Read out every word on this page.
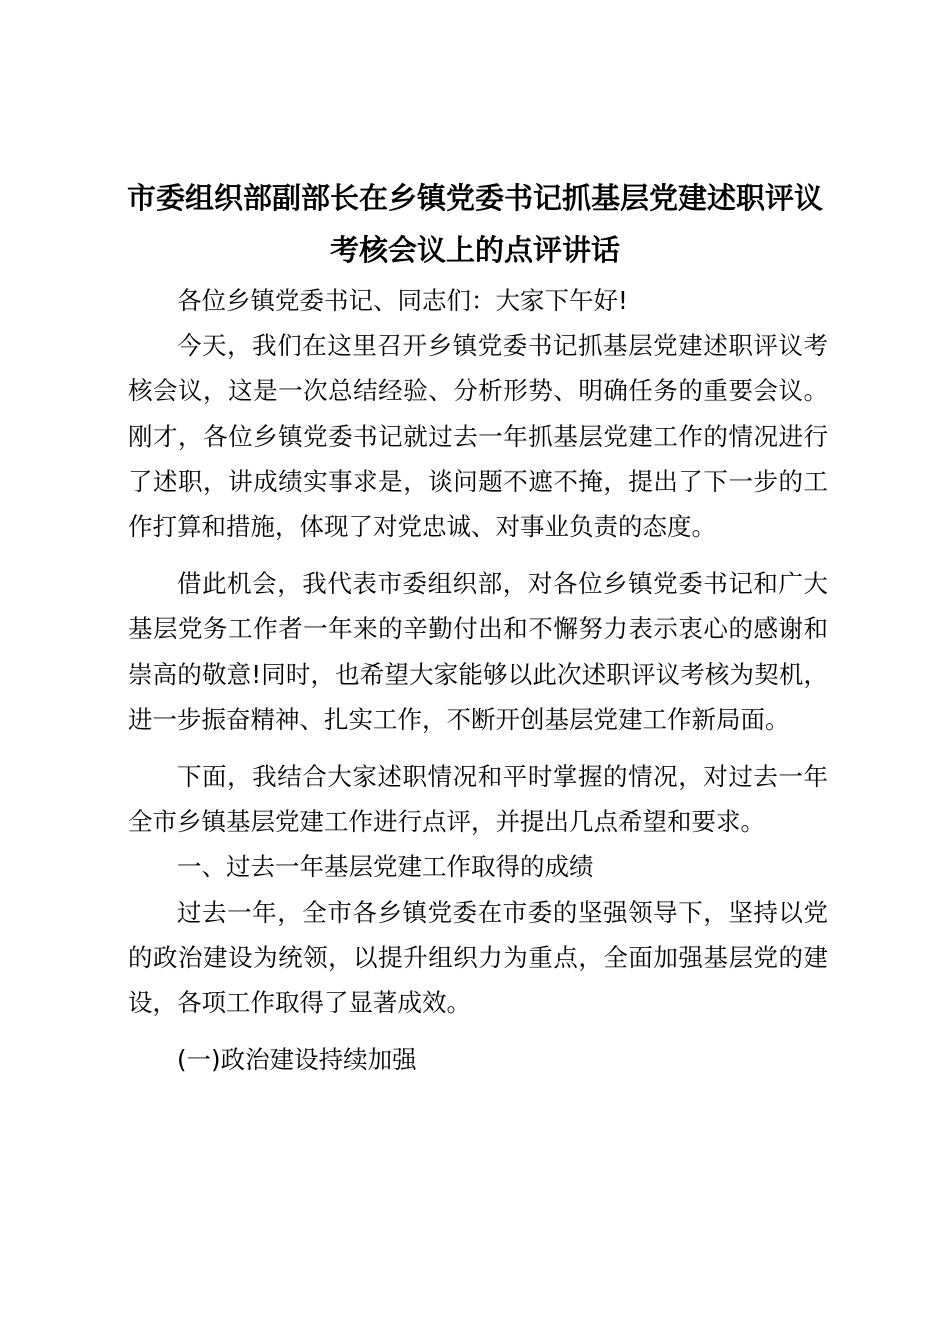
市委组织部副部长在乡镇党委书记抓基层党建述职评议
考核会议上的点评讲话

各位乡镇党委书记、同志们：大家下午好!

今天，我们在这里召开乡镇党委书记抓基层党建述职评议考核会议，这是一次总结经验、分析形势、明确任务的重要会议。刚才，各位乡镇党委书记就过去一年抓基层党建工作的情况进行了述职，讲成绩实事求是，谈问题不遮不掩，提出了下一步的工作打算和措施，体现了对党忠诚、对事业负责的态度。

借此机会，我代表市委组织部，对各位乡镇党委书记和广大基层党务工作者一年来的辛勤付出和不懈努力表示衷心的感谢和崇高的敬意!同时，也希望大家能够以此次述职评议考核为契机，进一步振奋精神、扎实工作，不断开创基层党建工作新局面。

下面，我结合大家述职情况和平时掌握的情况，对过去一年全市乡镇基层党建工作进行点评，并提出几点希望和要求。

一、过去一年基层党建工作取得的成绩

过去一年，全市各乡镇党委在市委的坚强领导下，坚持以党的政治建设为统领，以提升组织力为重点，全面加强基层党的建设，各项工作取得了显著成效。

(一)政治建设持续加强
